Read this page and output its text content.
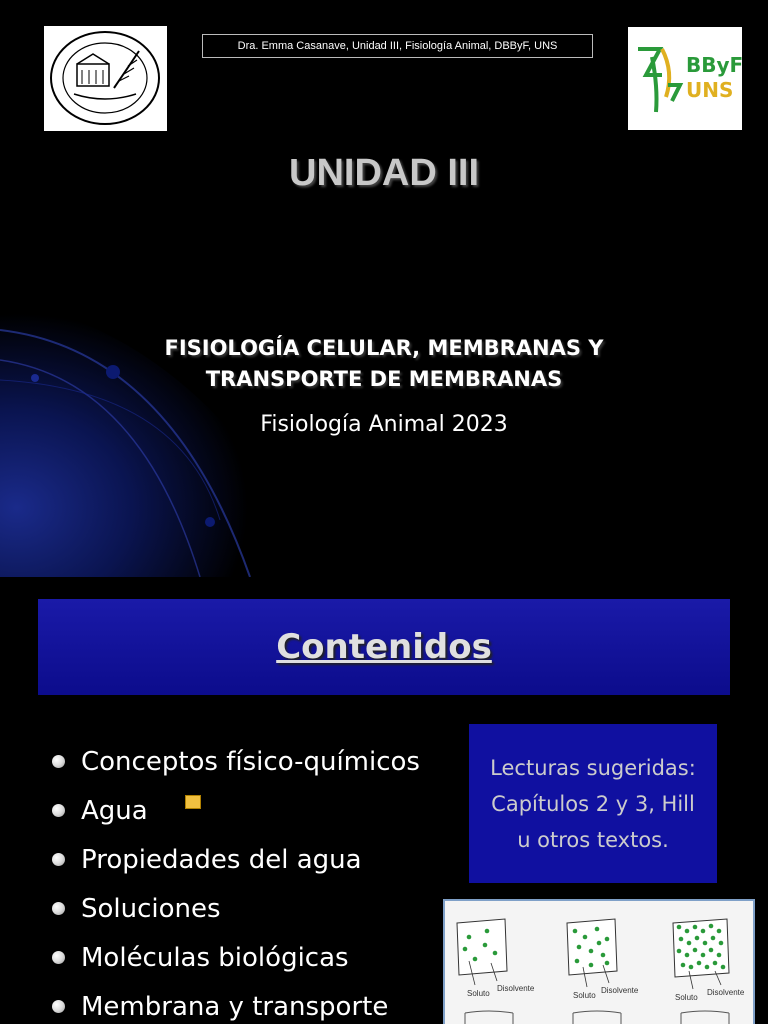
Dra. Emma Casanave, Unidad III, Fisiología Animal, DBByF, UNS
BByF
UNS
UNIDAD III
FISIOLOGÍA CELULAR, MEMBRANAS Y
TRANSPORTE DE MEMBRANAS
Fisiología Animal 2023
Contenidos
Conceptos físico-químicos
Agua
Propiedades del agua
Soluciones
Moléculas biológicas
Membrana y transporte
Lecturas sugeridas:
Capítulos 2 y 3, Hill
u otros textos.
Soluto
Disolvente
Soluto
Disolvente
Soluto
Disolvente
